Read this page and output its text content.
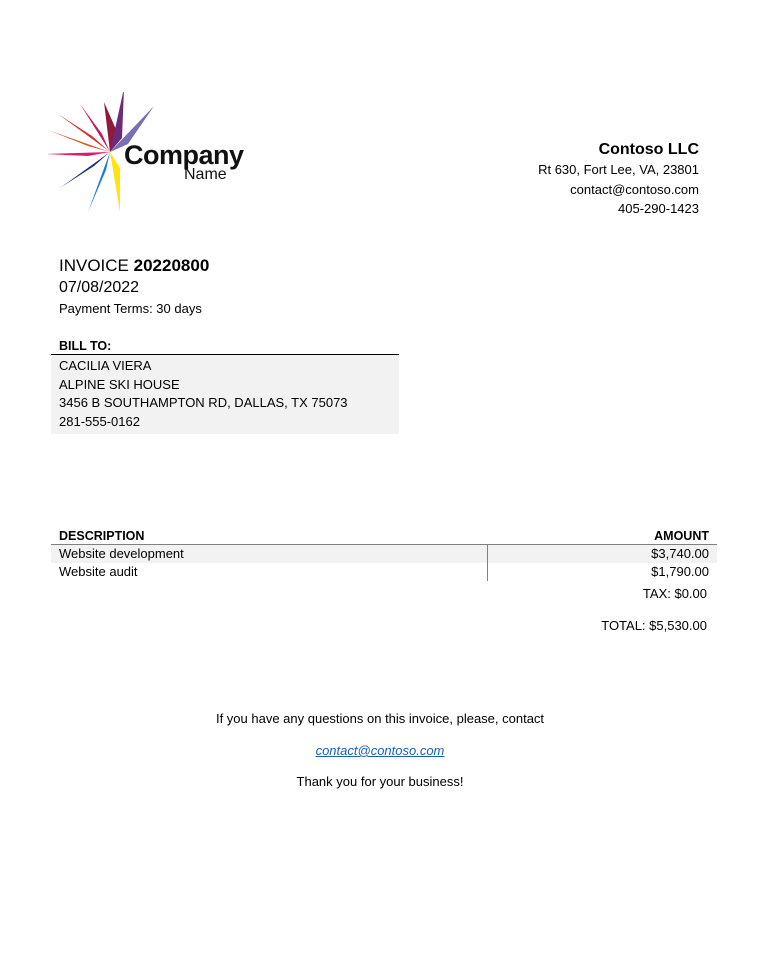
Company
Name
Contoso LLC
Rt 630, Fort Lee, VA, 23801
contact@contoso.com
405-290-1423
INVOICE 20220800
07/08/2022
Payment Terms: 30 days
BILL TO:
CACILIA VIERA
ALPINE SKI HOUSE
3456 B SOUTHAMPTON RD, DALLAS, TX 75073
281-555-0162
DESCRIPTION	AMOUNT
Website development	$3,740.00
Website audit	$1,790.00
TAX: $0.00
TOTAL: $5,530.00
If you have any questions on this invoice, please, contact
contact@contoso.com
Thank you for your business!
